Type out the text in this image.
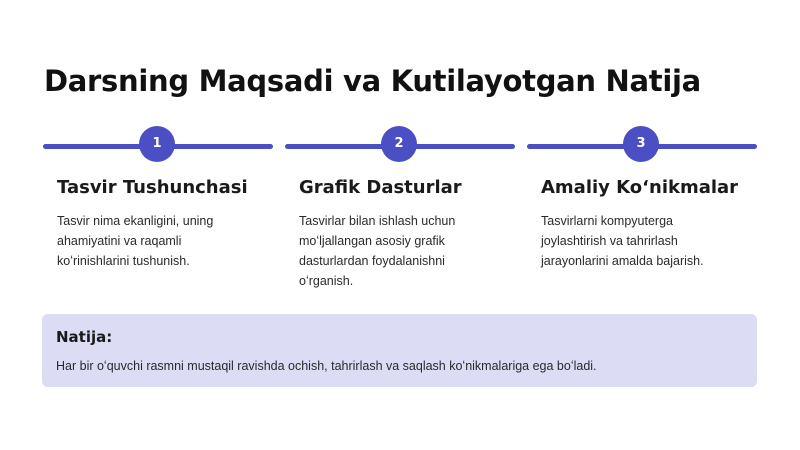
Darsning Maqsadi va Kutilayotgan Natija
1
Tasvir Tushunchasi

Tasvir nima ekanligini, uning ahamiyatini va raqamli koʻrinishlarini tushunish.

2
Grafik Dasturlar

Tasvirlar bilan ishlash uchun moʻljallangan asosiy grafik dasturlardan foydalanishni oʻrganish.

3
Amaliy Koʻnikmalar

Tasvirlarni kompyuterga joylashtirish va tahrirlash jarayonlarini amalda bajarish.

Natija:

Har bir oʻquvchi rasmni mustaqil ravishda ochish, tahrirlash va saqlash koʻnikmalariga ega boʻladi.
